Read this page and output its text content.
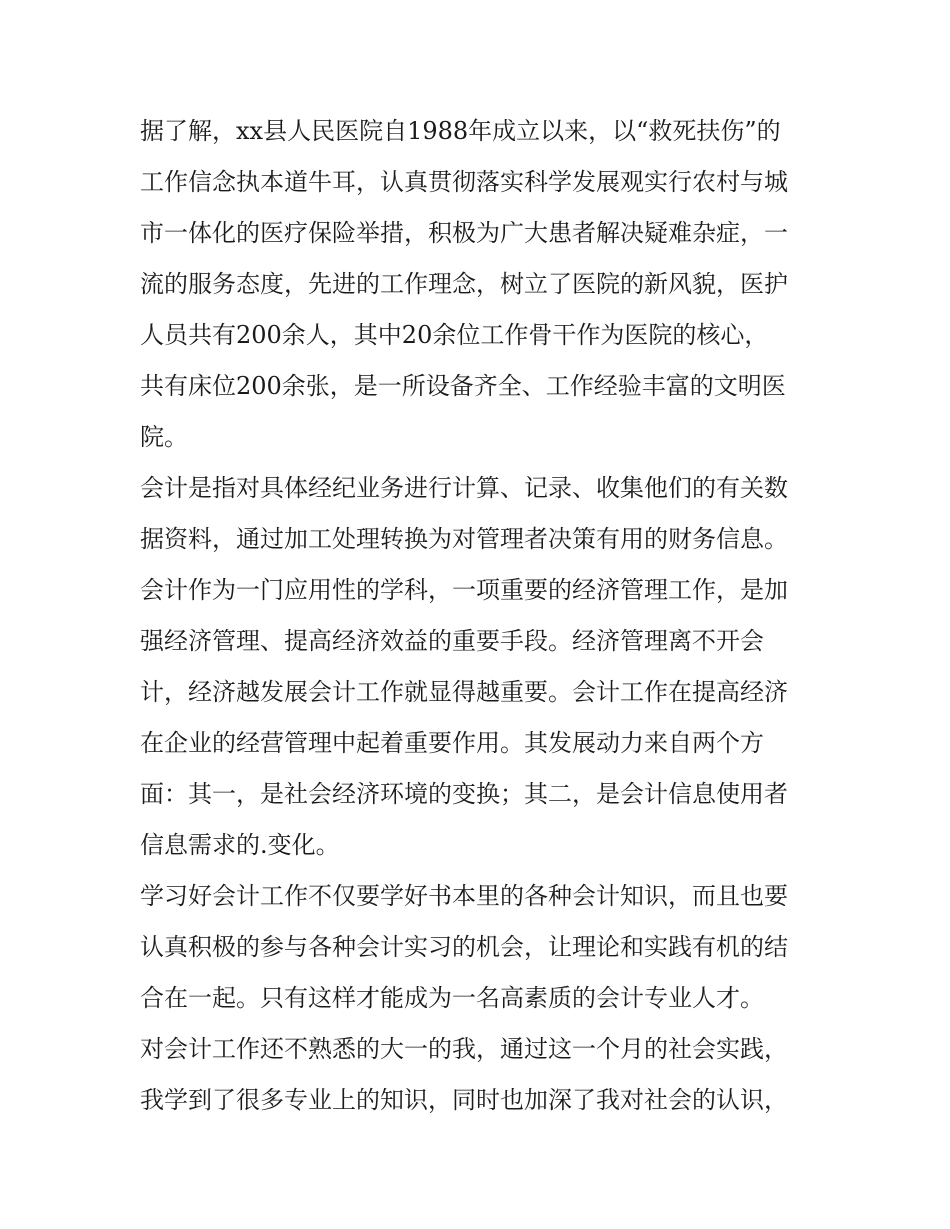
据了解，xx县人民医院自1988年成立以来，以“救死扶伤”的

工作信念执本道牛耳，认真贯彻落实科学发展观实行农村与城

市一体化的医疗保险举措，积极为广大患者解决疑难杂症，一

流的服务态度，先进的工作理念，树立了医院的新风貌，医护

人员共有200余人，其中20余位工作骨干作为医院的核心，

共有床位200余张，是一所设备齐全、工作经验丰富的文明医

院。

会计是指对具体经纪业务进行计算、记录、收集他们的有关数

据资料，通过加工处理转换为对管理者决策有用的财务信息。

会计作为一门应用性的学科，一项重要的经济管理工作，是加

强经济管理、提高经济效益的重要手段。经济管理离不开会

计，经济越发展会计工作就显得越重要。会计工作在提高经济

在企业的经营管理中起着重要作用。其发展动力来自两个方

面：其一，是社会经济环境的变换；其二，是会计信息使用者

信息需求的.变化。

学习好会计工作不仅要学好书本里的各种会计知识，而且也要

认真积极的参与各种会计实习的机会，让理论和实践有机的结

合在一起。只有这样才能成为一名高素质的会计专业人才。

对会计工作还不熟悉的大一的我，通过这一个月的社会实践，

我学到了很多专业上的知识，同时也加深了我对社会的认识，
